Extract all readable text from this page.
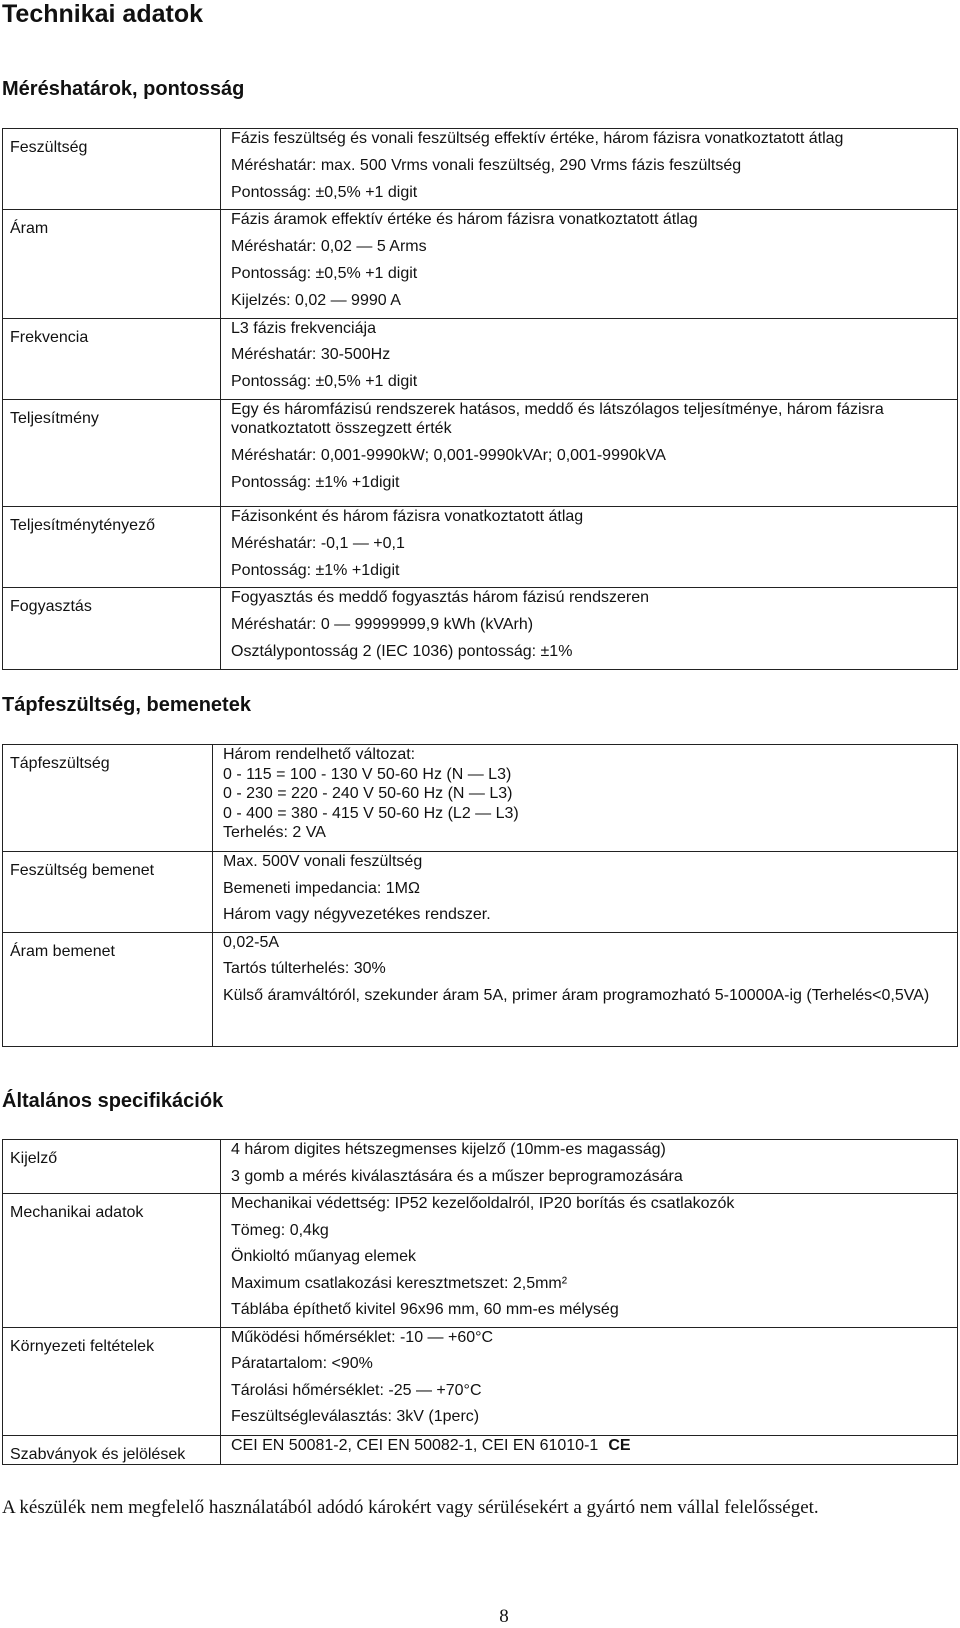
Technikai adatok
Méréshatárok, pontosság
Feszültség	Fázis feszültség és vonali feszültség effektív értéke, három fázisra vonatkoztatott átlag
Méréshatár: max. 500 Vrms vonali feszültség, 290 Vrms fázis feszültség
Pontosság: ±0,5% +1 digit

Áram	Fázis áramok effektív értéke és három fázisra vonatkoztatott átlag
Méréshatár: 0,02 — 5 Arms
Pontosság: ±0,5% +1 digit
Kijelzés: 0,02 — 9990 A

Frekvencia	L3 fázis frekvenciája
Méréshatár: 30-500Hz
Pontosság: ±0,5% +1 digit

Teljesítmény	Egy és háromfázisú rendszerek hatásos, meddő és látszólagos teljesítménye, három fázisra vonatkoztatott összegzett érték
Méréshatár: 0,001-9990kW; 0,001-9990kVAr; 0,001-9990kVA
Pontosság: ±1% +1digit

Teljesítménytényező	Fázisonként és három fázisra vonatkoztatott átlag
Méréshatár: -0,1 — +0,1
Pontosság: ±1% +1digit

Fogyasztás	Fogyasztás és meddő fogyasztás három fázisú rendszeren
Méréshatár: 0 — 99999999,9 kWh (kVArh)
Osztálypontosság 2 (IEC 1036) pontosság: ±1%
Tápfeszültség, bemenetek
Tápfeszültség	Három rendelhető változat:
0 - 115 = 100 - 130 V 50-60 Hz (N — L3)
0 - 230 = 220 - 240 V 50-60 Hz (N — L3)
0 - 400 = 380 - 415 V 50-60 Hz (L2 — L3)
Terhelés: 2 VA

Feszültség bemenet	Max. 500V vonali feszültség
Bemeneti impedancia: 1MΩ
Három vagy négyvezetékes rendszer.

Áram bemenet	0,02-5A
Tartós túlterhelés: 30%
Külső áramváltóról, szekunder áram 5A, primer áram programozható 5-10000A-ig (Terhelés<0,5VA)
Általános specifikációk
Kijelző	4 három digites hétszegmenses kijelző (10mm-es magasság)
3 gomb a mérés kiválasztására és a műszer beprogramozására

Mechanikai adatok	Mechanikai védettség: IP52 kezelőoldalról, IP20 borítás és csatlakozók
Tömeg: 0,4kg
Önkioltó műanyag elemek
Maximum csatlakozási keresztmetszet: 2,5mm²
Táblába építhető kivitel 96x96 mm, 60 mm-es mélység

Környezeti feltételek	Működési hőmérséklet: -10 — +60°C
Páratartalom: <90%
Tárolási hőmérséklet: -25 — +70°C
Feszültségleválasztás: 3kV (1perc)

Szabványok és jelölések	CEI EN 50081-2, CEI EN 50082-1, CEI EN 61010-1 CE
A készülék nem megfelelő használatából adódó károkért vagy sérülésekért a gyártó nem vállal felelősséget.
8
